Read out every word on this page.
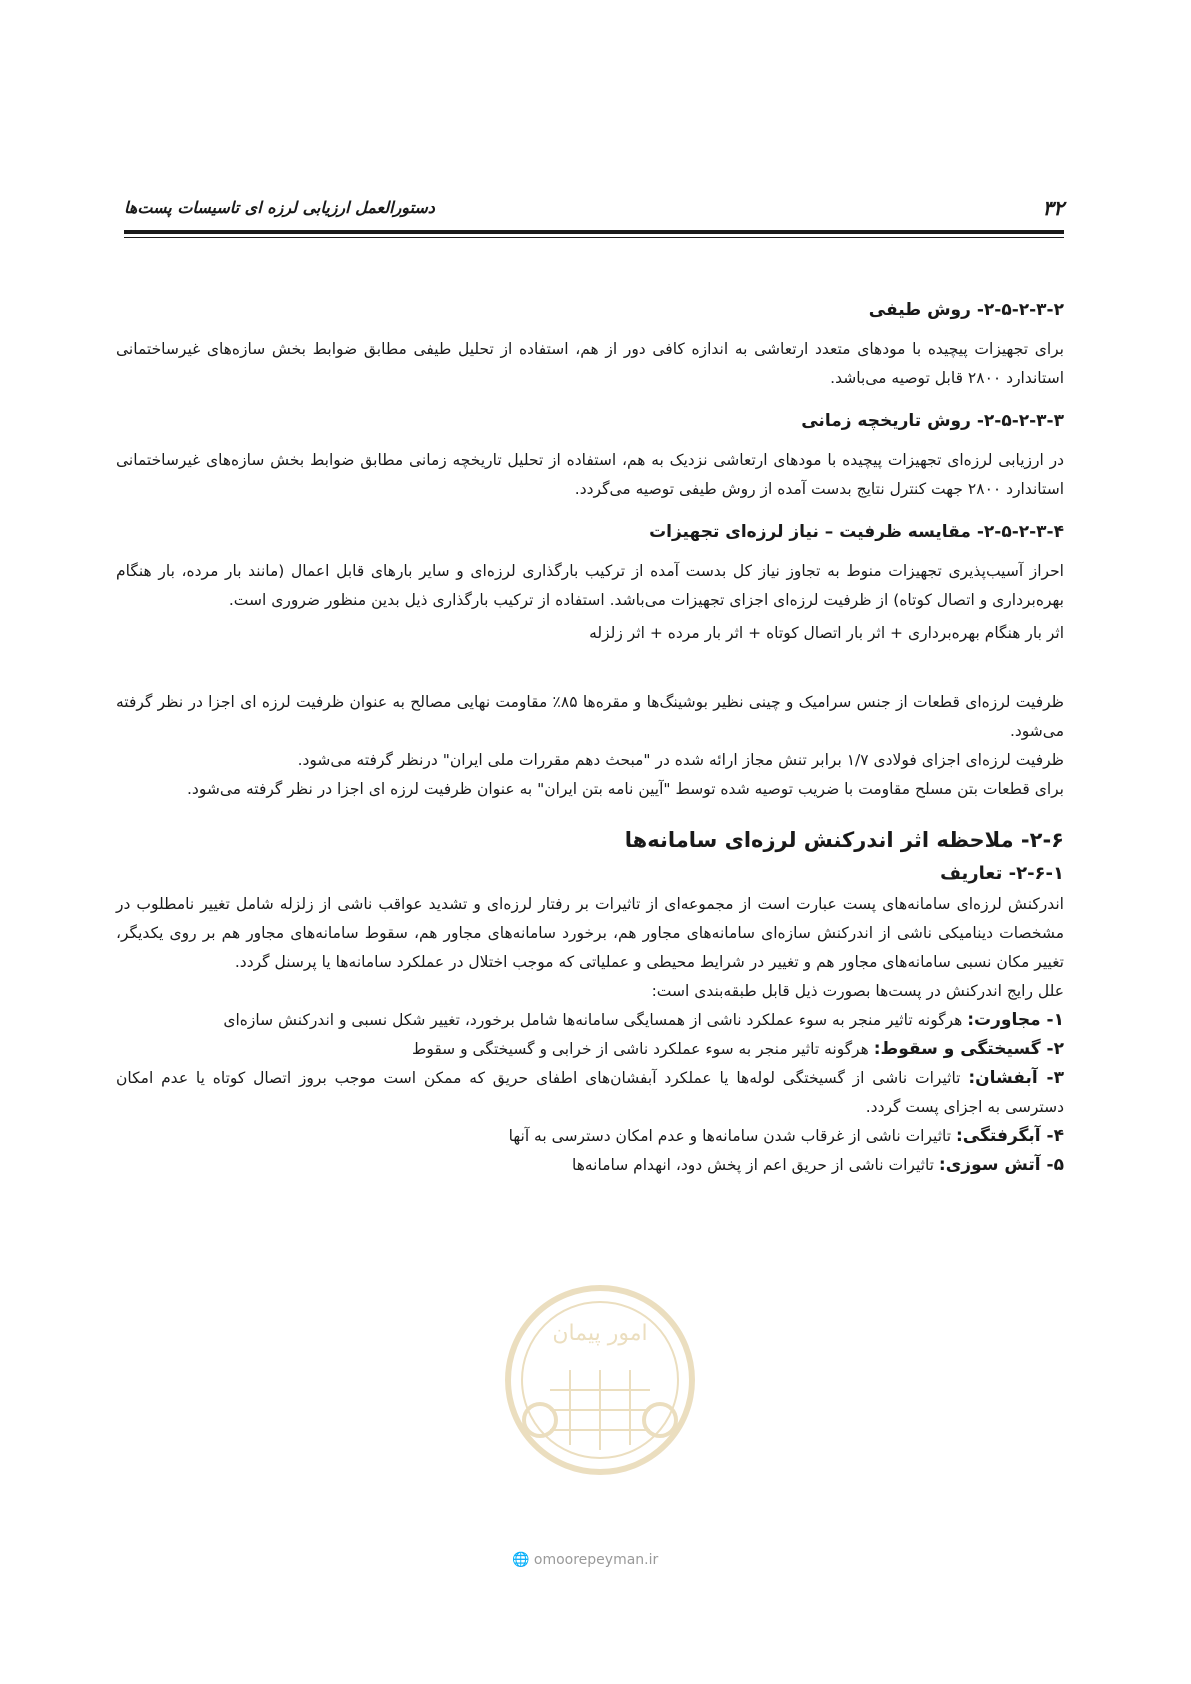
۳۲
دستورالعمل ارزیابی لرزه ای تاسیسات پست‌ها
۲-۵-۲-۳-۲- روش طیفی
برای تجهیزات پیچیده با مودهای متعدد ارتعاشی به اندازه کافی دور از هم، استفاده از تحلیل طیفی مطابق ضوابط بخش سازه‌های غیرساختمانی استاندارد ۲۸۰۰ قابل توصیه می‌باشد.
۲-۵-۲-۳-۳- روش تاریخچه زمانی
در ارزیابی لرزه‌ای تجهیزات پیچیده با مودهای ارتعاشی نزدیک به هم، استفاده از تحلیل تاریخچه زمانی مطابق ضوابط بخش سازه‌های غیرساختمانی استاندارد ۲۸۰۰ جهت کنترل نتایج بدست آمده از روش طیفی توصیه می‌گردد.
۲-۵-۲-۳-۴- مقایسه ظرفیت – نیاز لرزه‌ای تجهیزات
احراز آسیب‌پذیری تجهیزات منوط به تجاوز نیاز کل بدست آمده از ترکیب بارگذاری لرزه‌ای و سایر بارهای قابل اعمال (مانند بار مرده، بار هنگام بهره‌برداری و اتصال کوتاه) از ظرفیت لرزه‌ای اجزای تجهیزات می‌باشد. استفاده از ترکیب بارگذاری ذیل بدین منظور ضروری است.
اثر بار هنگام بهره‌برداری + اثر بار اتصال کوتاه + اثر بار مرده + اثر زلزله
ظرفیت لرزه‌ای قطعات از جنس سرامیک و چینی نظیر بوشینگ‌ها و مقره‌ها ۸۵٪ مقاومت نهایی مصالح به عنوان ظرفیت لرزه ای اجزا در نظر گرفته می‌شود.
ظرفیت لرزه‌ای اجزای فولادی ۱/۷ برابر تنش مجاز ارائه شده در "مبحث دهم مقررات ملی ایران" درنظر گرفته می‌شود.
برای قطعات بتن مسلح مقاومت با ضریب توصیه شده توسط "آیین نامه بتن ایران" به عنوان ظرفیت لرزه ای اجزا در نظر گرفته می‌شود.
۲-۶- ملاحظه اثر اندرکنش لرزه‌ای سامانه‌ها
۲-۶-۱- تعاریف
اندرکنش لرزه‌ای سامانه‌های پست عبارت است از مجموعه‌ای از تاثیرات بر رفتار لرزه‌ای و تشدید عواقب ناشی از زلزله شامل تغییر نامطلوب در مشخصات دینامیکی ناشی از اندرکنش سازه‌ای سامانه‌های مجاور هم، برخورد سامانه‌های مجاور هم، سقوط سامانه‌های مجاور هم بر روی یکدیگر، تغییر مکان نسبی سامانه‌های مجاور هم و تغییر در شرایط محیطی و عملیاتی که موجب اختلال در عملکرد سامانه‌ها یا پرسنل گردد.
علل رایج اندرکنش در پست‌ها بصورت ذیل قابل طبقه‌بندی است:
۱- مجاورت: هرگونه تاثیر منجر به سوء عملکرد ناشی از همسایگی سامانه‌ها شامل برخورد، تغییر شکل نسبی و اندرکنش سازه‌ای
۲- گسیختگی و سقوط: هرگونه تاثیر منجر به سوء عملکرد ناشی از خرابی و گسیختگی و سقوط
۳- آبفشان: تاثیرات ناشی از گسیختگی لوله‌ها یا عملکرد آبفشان‌های اطفای حریق که ممکن است موجب بروز اتصال کوتاه یا عدم امکان دسترسی به اجزای پست گردد.
۴- آبگرفتگی: تاثیرات ناشی از غرقاب شدن سامانه‌ها و عدم امکان دسترسی به آنها
۵- آتش سوزی: تاثیرات ناشی از حریق اعم از پخش دود، انهدام سامانه‌ها
امور پیمان
🌐 omoorepeyman.ir
